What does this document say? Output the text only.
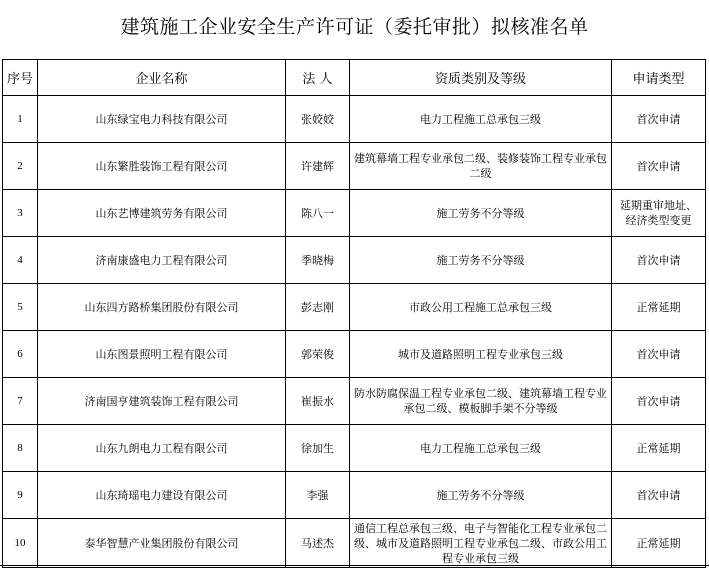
建筑施工企业安全生产许可证（委托审批）拟核准名单
序号	企业名称	法 人	资质类别及等级	申请类型
1	山东绿宝电力科技有限公司	张姣姣	电力工程施工总承包三级	首次申请
2	山东繁胜装饰工程有限公司	许建辉	建筑幕墙工程专业承包二级、装修装饰工程专业承包二级	首次申请
3	山东艺博建筑劳务有限公司	陈八一	施工劳务不分等级	延期重审地址、经济类型变更
4	济南康盛电力工程有限公司	季晓梅	施工劳务不分等级	首次申请
5	山东四方路桥集团股份有限公司	彭志刚	市政公用工程施工总承包三级	正常延期
6	山东图景照明工程有限公司	郭荣俊	城市及道路照明工程专业承包三级	首次申请
7	济南国亨建筑装饰工程有限公司	崔振水	防水防腐保温工程专业承包二级、建筑幕墙工程专业承包二级、模板脚手架不分等级	首次申请
8	山东九朗电力工程有限公司	徐加生	电力工程施工总承包三级	正常延期
9	山东琦瑶电力建设有限公司	李强	施工劳务不分等级	首次申请
10	泰华智慧产业集团股份有限公司	马述杰	通信工程总承包三级、电子与智能化工程专业承包二级、城市及道路照明工程专业承包二级、市政公用工程专业承包三级	正常延期
